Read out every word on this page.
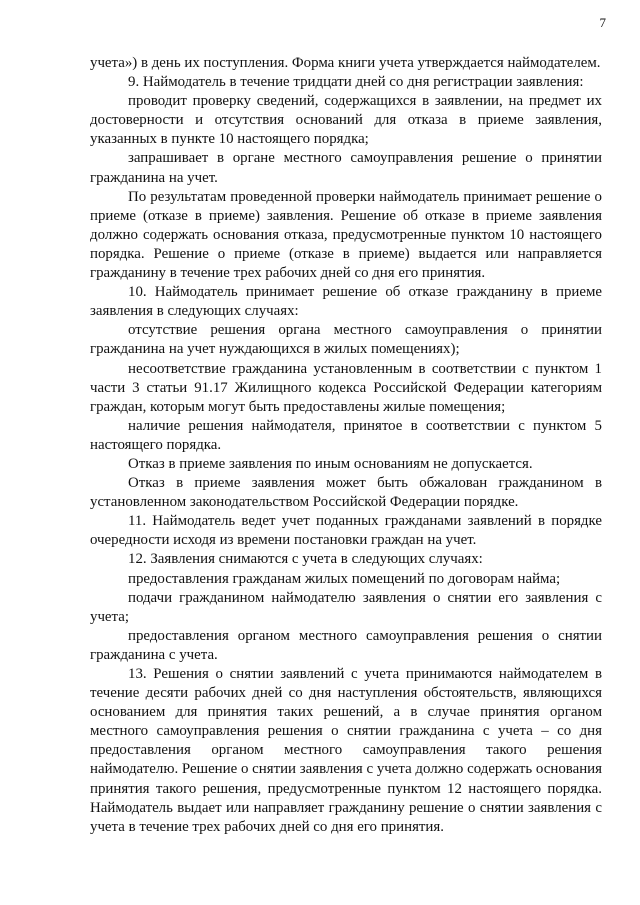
7

учета») в день их поступления. Форма книги учета утверждается наймодателем.

9. Наймодатель в течение тридцати дней со дня регистрации заявления:

проводит проверку сведений, содержащихся в заявлении, на предмет их достоверности и отсутствия оснований для отказа в приеме заявления, указанных в пункте 10 настоящего порядка;

запрашивает в органе местного самоуправления решение о принятии гражданина на учет.

По результатам проведенной проверки наймодатель принимает решение о приеме (отказе в приеме) заявления. Решение об отказе в приеме заявления должно содержать основания отказа, предусмотренные пунктом 10 настоящего порядка. Решение о приеме (отказе в приеме) выдается или направляется гражданину в течение трех рабочих дней со дня его принятия.

10. Наймодатель принимает решение об отказе гражданину в приеме заявления в следующих случаях:

отсутствие решения органа местного самоуправления о принятии гражданина на учет нуждающихся в жилых помещениях);

несоответствие гражданина установленным в соответствии с пунктом 1 части 3 статьи 91.17 Жилищного кодекса Российской Федерации категориям граждан, которым могут быть предоставлены жилые помещения;

наличие решения наймодателя, принятое в соответствии с пунктом 5 настоящего порядка.

Отказ в приеме заявления по иным основаниям не допускается.

Отказ в приеме заявления может быть обжалован гражданином в установленном законодательством Российской Федерации порядке.

11. Наймодатель ведет учет поданных гражданами заявлений в порядке очередности исходя из времени постановки граждан на учет.

12. Заявления снимаются с учета в следующих случаях:

предоставления гражданам жилых помещений по договорам найма;

подачи гражданином наймодателю заявления о снятии его заявления с учета;

предоставления органом местного самоуправления решения о снятии гражданина с учета.

13. Решения о снятии заявлений с учета принимаются наймодателем в течение десяти рабочих дней со дня наступления обстоятельств, являющихся основанием для принятия таких решений, а в случае принятия органом местного самоуправления решения о снятии гражданина с учета – со дня предоставления органом местного самоуправления такого решения наймодателю. Решение о снятии заявления с учета должно содержать основания принятия такого решения, предусмотренные пунктом 12 настоящего порядка. Наймодатель выдает или направляет гражданину решение о снятии заявления с учета в течение трех рабочих дней со дня его принятия.
